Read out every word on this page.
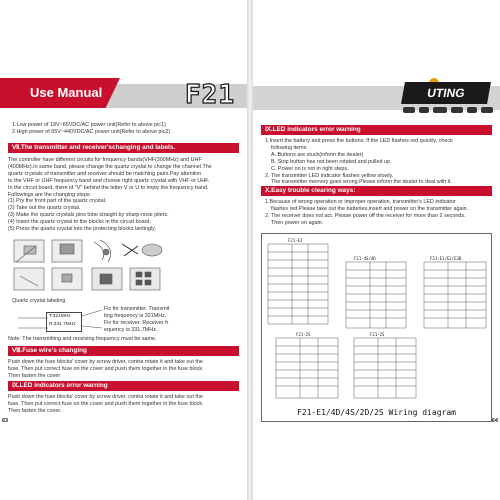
Use Manual	F21
1.Low power of 18V~65VDC/AC power unit(Refer to above pic1)
2.High power of 65V~440VDC/AC power unit(Refer to above pic2)
Ⅶ.The transmitter and receiver'schanging and labels.
The controller have different circuits for frequency bands(VHF(300MHz) and UHF
(400MHz).In same band, please change the quartz crystal to change the channel.The
quartz crystals of transmitter and receiver should be matching pairs.Pay attention
to the VHF or UHF frequency band and choose right quartz crystal with VHF or UHF.
In the circuit board, there id "V" behind the letter V or U to imply the frequency band.
Followings are the changing steps:
(1) Pry the front part of the quartz crystal.
(2) Take out the quartz crystal.
(3) Make the quartz crystals pins tobe straight by sharp-nose pliers.
(4) Insert the quartz crystal to the blocks in the circuit board.
(5) Press the quartz crystal into the protecting blocks lantingly.
Quartz crystal labeling
T:321MHz
R:331.7MHz
Fix for transmitter. Transmit
ting frequency is 321MHz.
Fix for receiver. Receiver fr
equency is 331.7MHz.
Note: The transmitting and receiving frequency must be same.
Ⅷ.Fuse wire's changing
Push down the fuse blocks' cover by screw driver, contra rotate it and take out the
fuse. Then put correct fuse on the cover and push them together in the fuse block.
Then fasten the cover
Ⅸ.LED indicators error warning
Push down the fuse blocks' cover by screw driver, contra rotate it and take out the
fuse. Then put correct fuse on the cover and push them together in the fuse block.
Then fasten the cover.
63
UTING
Ⅸ.LED indicators error warning
1.Insert the battery and press the buttons. If the LED flashes red quickly, check
following items:
A. Buttons are stuck(inform the dealer)
B. Stop button has not been rotated and pulled up.
C. Power on is not in right steps.
2. The transmitter LED indicator flashes yellow slowly.
The transmitter memory goes wrong.Please inform the dealer to deal with it.
Ⅹ.Easy trouble clearing ways:
1.Because of wrong operation or improper operation, transmitter's LED indicator
flashes red.Please take out the batteries,insert and power on the transmitter again.
2. The receiver does not act. Please power off the receiver for more than 2 seconds.
Then power on again.
F21-E1
F21-4S/4D	F21-E1/E2/E3B
F21-2S	F21-2S
F21-E1/4D/4S/2D/2S Wiring diagram
64
